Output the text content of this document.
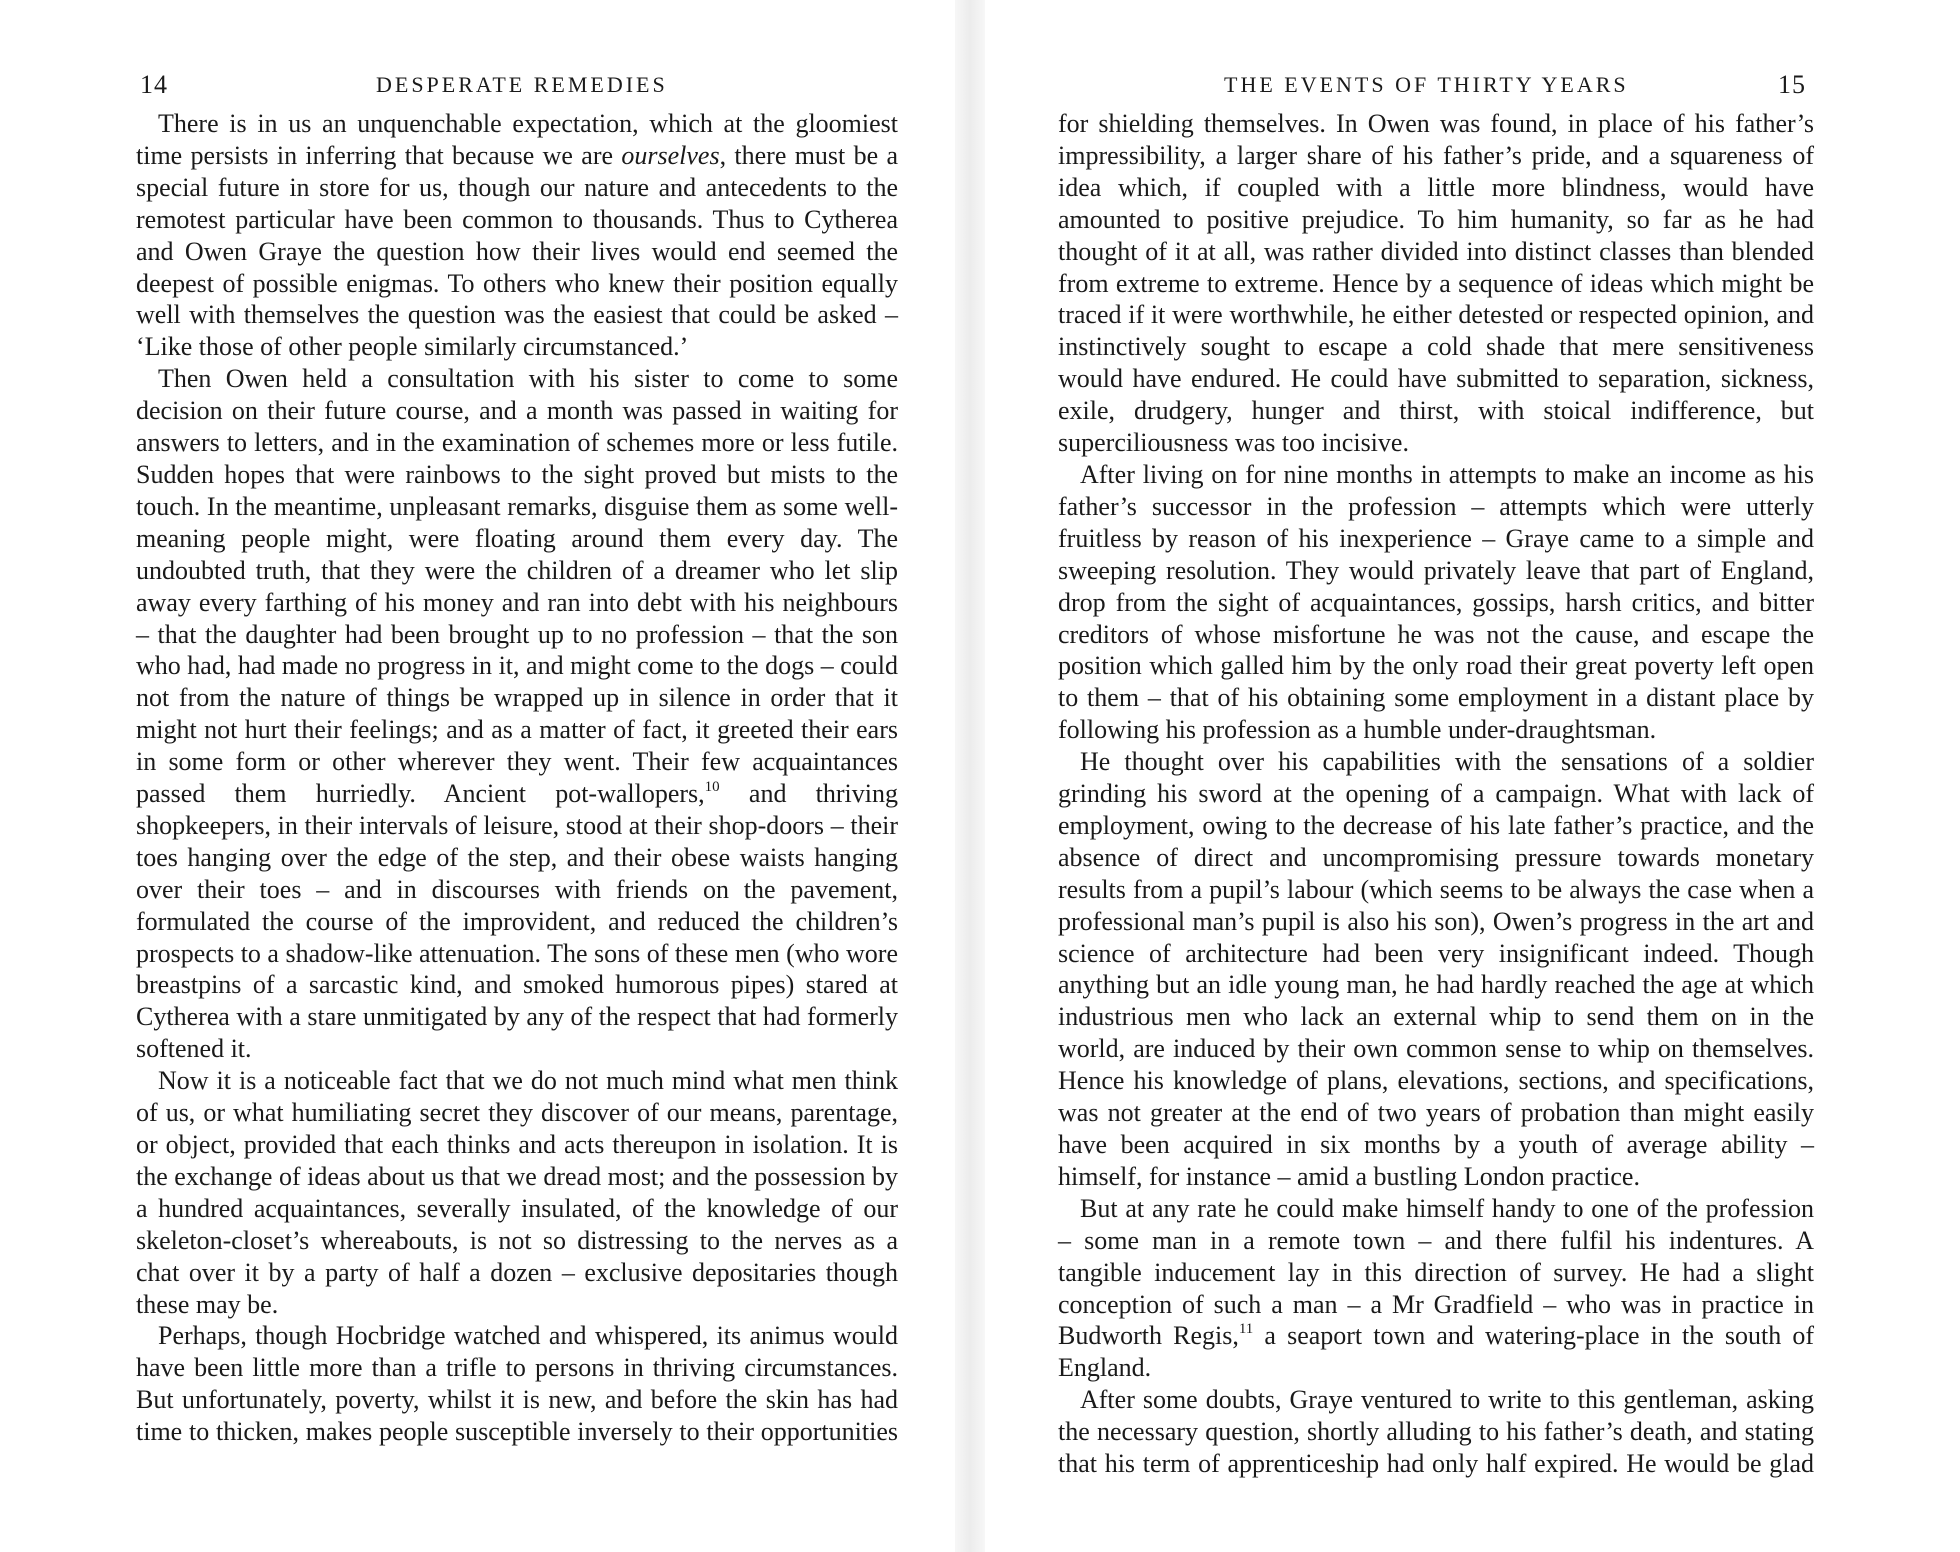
14	DESPERATE REMEDIES

There is in us an unquenchable expectation, which at the gloomiest time persists in inferring that because we are ourselves, there must be a special future in store for us, though our nature and antecedents to the remotest particular have been common to thousands. Thus to Cytherea and Owen Graye the question how their lives would end seemed the deepest of possible enigmas. To others who knew their position equally well with themselves the question was the easiest that could be asked – ‘Like those of other people similarly circumstanced.’

Then Owen held a consultation with his sister to come to some decision on their future course, and a month was passed in waiting for answers to letters, and in the examination of schemes more or less futile. Sudden hopes that were rainbows to the sight proved but mists to the touch. In the meantime, unpleasant remarks, disguise them as some well-meaning people might, were floating around them every day. The undoubted truth, that they were the children of a dreamer who let slip away every farthing of his money and ran into debt with his neighbours – that the daughter had been brought up to no profession – that the son who had, had made no progress in it, and might come to the dogs – could not from the nature of things be wrapped up in silence in order that it might not hurt their feelings; and as a matter of fact, it greeted their ears in some form or other wherever they went. Their few acquaintances passed them hurriedly. Ancient pot-wallopers,$^{10}$ and thriving shopkeepers, in their intervals of leisure, stood at their shop-doors – their toes hanging over the edge of the step, and their obese waists hanging over their toes – and in discourses with friends on the pavement, formulated the course of the improvident, and reduced the children’s prospects to a shadow-like attenuation. The sons of these men (who wore breastpins of a sarcastic kind, and smoked humorous pipes) stared at Cytherea with a stare unmitigated by any of the respect that had formerly softened it.

Now it is a noticeable fact that we do not much mind what men think of us, or what humiliating secret they discover of our means, parentage, or object, provided that each thinks and acts thereupon in isolation. It is the exchange of ideas about us that we dread most; and the possession by a hundred acquaintances, severally insulated, of the knowledge of our skeleton-closet’s whereabouts, is not so distressing to the nerves as a chat over it by a party of half a dozen – exclusive depositaries though these may be.

Perhaps, though Hocbridge watched and whispered, its animus would have been little more than a trifle to persons in thriving circumstances. But unfortunately, poverty, whilst it is new, and before the skin has had time to thicken, makes people susceptible inversely to their opportunities

THE EVENTS OF THIRTY YEARS	15

for shielding themselves. In Owen was found, in place of his father’s impressibility, a larger share of his father’s pride, and a squareness of idea which, if coupled with a little more blindness, would have amounted to positive prejudice. To him humanity, so far as he had thought of it at all, was rather divided into distinct classes than blended from extreme to extreme. Hence by a sequence of ideas which might be traced if it were worthwhile, he either detested or respected opinion, and instinctively sought to escape a cold shade that mere sensitiveness would have endured. He could have submitted to separation, sickness, exile, drudgery, hunger and thirst, with stoical indifference, but superciliousness was too incisive.

After living on for nine months in attempts to make an income as his father’s successor in the profession – attempts which were utterly fruitless by reason of his inexperience – Graye came to a simple and sweeping resolution. They would privately leave that part of England, drop from the sight of acquaintances, gossips, harsh critics, and bitter creditors of whose misfortune he was not the cause, and escape the position which galled him by the only road their great poverty left open to them – that of his obtaining some employment in a distant place by following his profession as a humble under-draughtsman.

He thought over his capabilities with the sensations of a soldier grinding his sword at the opening of a campaign. What with lack of employment, owing to the decrease of his late father’s practice, and the absence of direct and uncompromising pressure towards monetary results from a pupil’s labour (which seems to be always the case when a professional man’s pupil is also his son), Owen’s progress in the art and science of architecture had been very insignificant indeed. Though anything but an idle young man, he had hardly reached the age at which industrious men who lack an external whip to send them on in the world, are induced by their own common sense to whip on themselves. Hence his knowledge of plans, elevations, sections, and specifications, was not greater at the end of two years of probation than might easily have been acquired in six months by a youth of average ability – himself, for instance – amid a bustling London practice.

But at any rate he could make himself handy to one of the profession – some man in a remote town – and there fulfil his indentures. A tangible inducement lay in this direction of survey. He had a slight conception of such a man – a Mr Gradfield – who was in practice in Budworth Regis,$^{11}$ a seaport town and watering-place in the south of England.

After some doubts, Graye ventured to write to this gentleman, asking the necessary question, shortly alluding to his father’s death, and stating that his term of apprenticeship had only half expired. He would be glad
